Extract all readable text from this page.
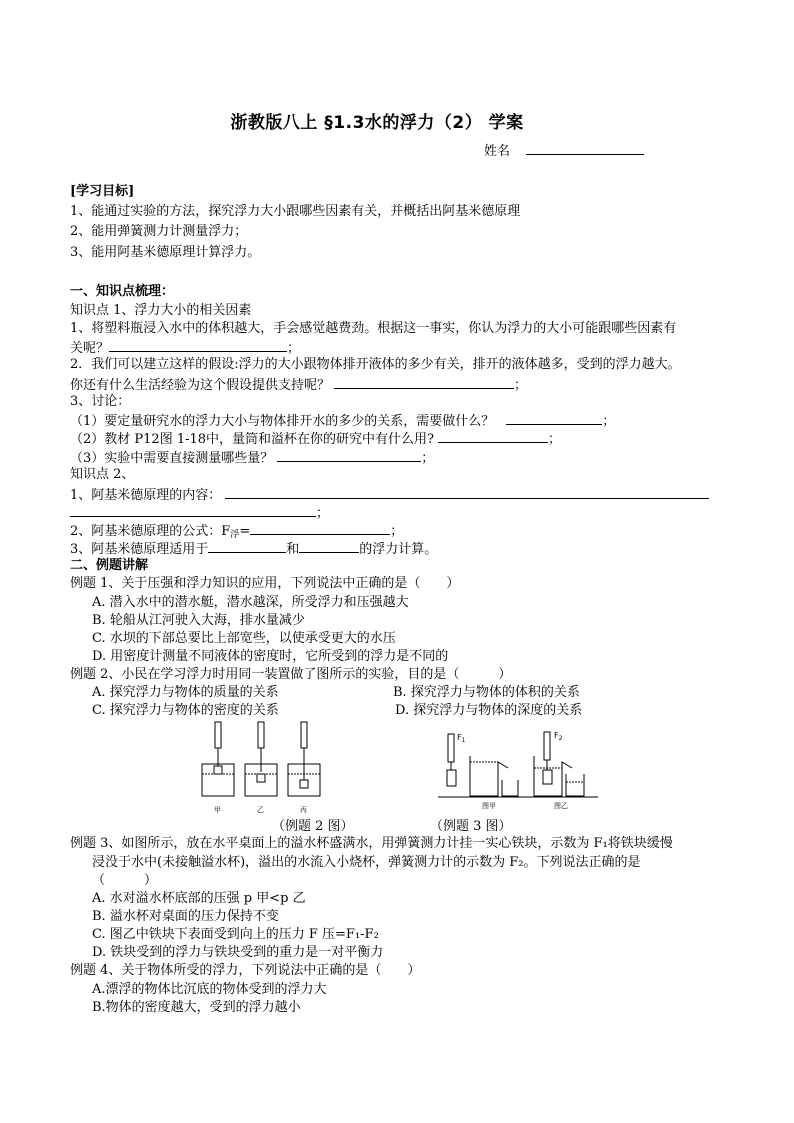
浙教版八上 §1.3水的浮力（2） 学案
姓名
[学习目标]
1、能通过实验的方法，探究浮力大小跟哪些因素有关，并概括出阿基米德原理
2、能用弹簧测力计测量浮力；
3、能用阿基米德原理计算浮力。
一、知识点梳理：
知识点 1、浮力大小的相关因素
1、将塑料瓶浸入水中的体积越大，手会感觉越费劲。根据这一事实，你认为浮力的大小可能跟哪些因素有
关呢？	；
2．我们可以建立这样的假设:浮力的大小跟物体排开液体的多少有关，排开的液体越多，受到的浮力越大。
你还有什么生活经验为这个假设提供支持呢？	；
3、讨论：
（1）要定量研究水的浮力大小与物体排开水的多少的关系，需要做什么？	；
（2）教材 P12图 1-18中，量筒和溢杯在你的研究中有什么用?	；
（3）实验中需要直接测量哪些量？	；
知识点 2、
1、阿基米德原理的内容：
；
2、阿基米德原理的公式：$F_浮=$	；
3、阿基米德原理适用于	和	的浮力计算。
二、例题讲解
例题 1、关于压强和浮力知识的应用，下列说法中正确的是（　　）
A. 潜入水中的潜水艇，潜水越深，所受浮力和压强越大
B. 轮船从江河驶入大海，排水量减少
C. 水坝的下部总要比上部宽些，以使承受更大的水压
D. 用密度计测量不同液体的密度时，它所受到的浮力是不同的
例题 2、小民在学习浮力时用同一装置做了图所示的实验，目的是（　　　）
A. 探究浮力与物体的质量的关系	B. 探究浮力与物体的体积的关系
C. 探究浮力与物体的密度的关系	D. 探究浮力与物体的深度的关系
甲	乙	丙
（例题 2 图）
$F_1$
$F_2$
图甲	图乙
（例题 3 图）
例题 3、如图所示，放在水平桌面上的溢水杯盛满水，用弹簧测力计挂一实心铁块，示数为 F₁将铁块缓慢
浸没于水中(未接触溢水杯)，溢出的水流入小烧杯，弹簧测力计的示数为 F₂。下列说法正确的是
（　　　）
A. 水对溢水杯底部的压强 p 甲<p 乙
B. 溢水杯对桌面的压力保持不变
C. 图乙中铁块下表面受到向上的压力 F 压=F₁-F₂
D. 铁块受到的浮力与铁块受到的重力是一对平衡力
例题 4、关于物体所受的浮力，下列说法中正确的是（　　）
A.漂浮的物体比沉底的物体受到的浮力大
B.物体的密度越大，受到的浮力越小
